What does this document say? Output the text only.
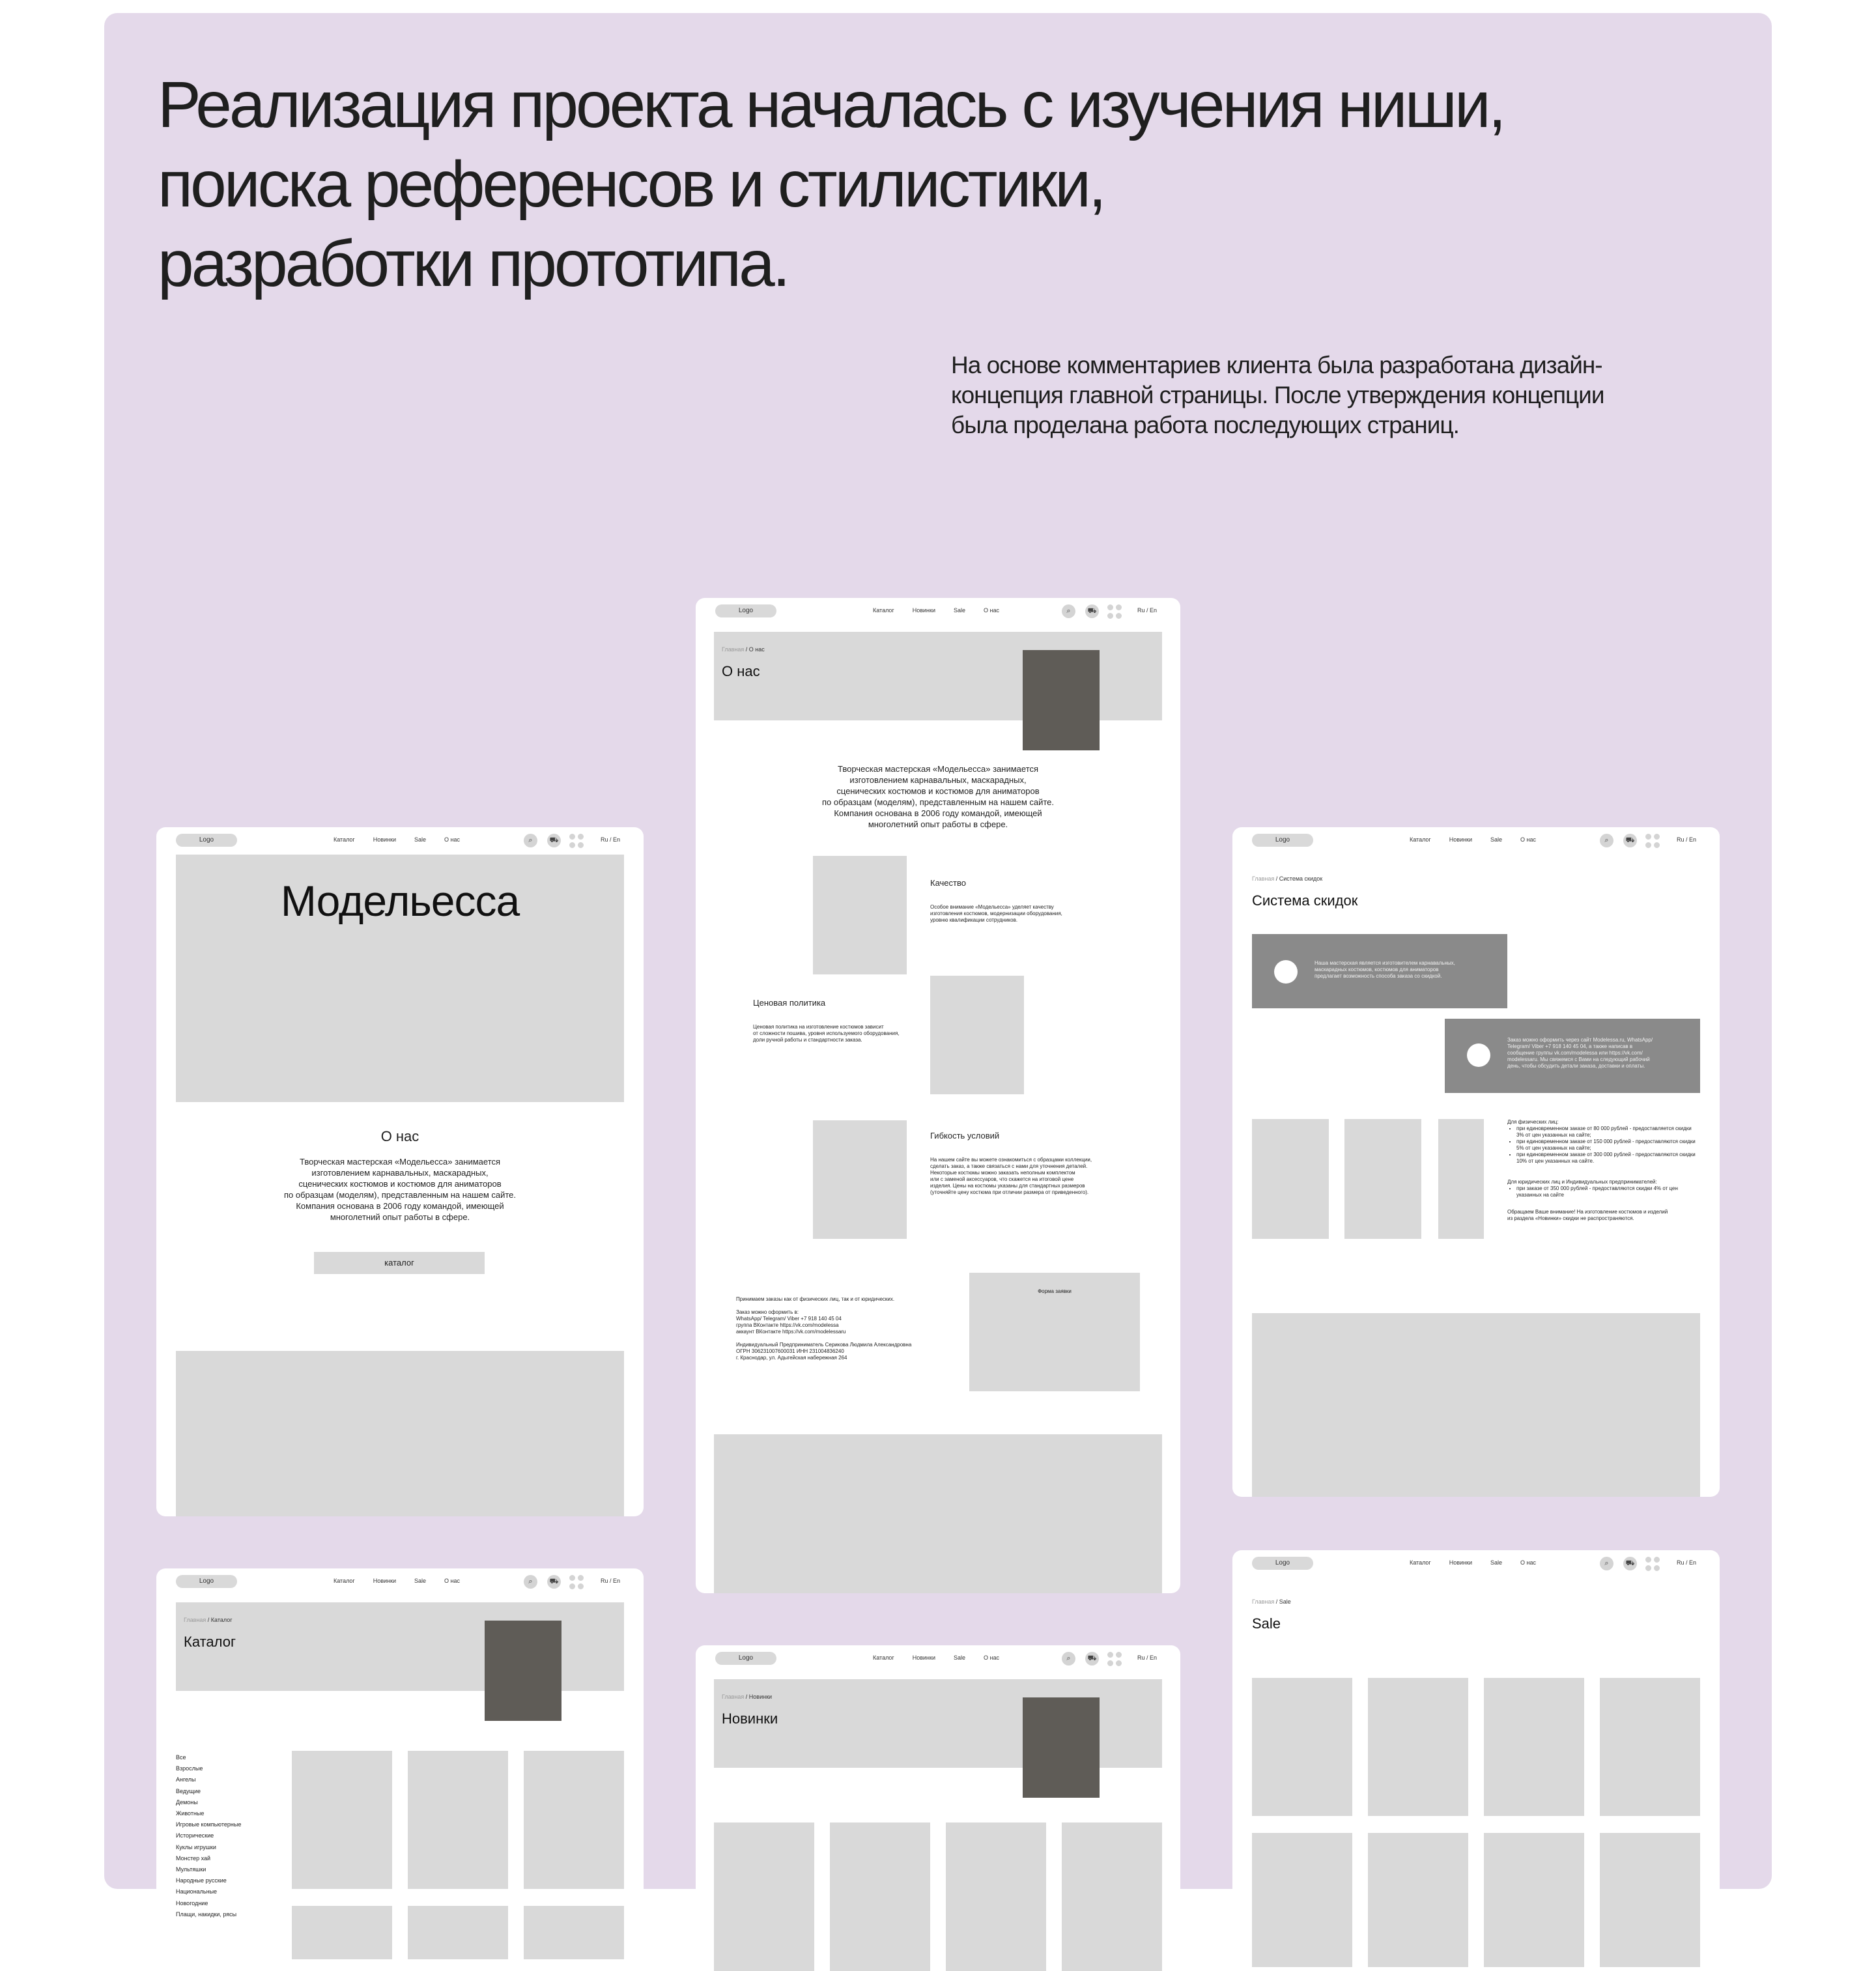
Реализация проекта началась с изучения ниши,
поиска референсов и стилистики,
разработки прототипа.
На основе комментариев клиента была разработана дизайн-
концепция главной страницы. После утверждения концепции
была проделана работа последующих страниц.
Logo	Каталог	Новинки	Sale	О нас	⌕	⛟	Ru / En
Модельесса
О нас
Творческая мастерская «Модельесса» занимается
изготовлением карнавальных, маскарадных,
сценических костюмов и костюмов для аниматоров
по образцам (моделям), представленным на нашем сайте.
Компания основана в 2006 году командой, имеющей
многолетний опыт работы в сфере.
каталог
Logo	Каталог	Новинки	Sale	О нас	⌕	⛟	Ru / En
Главная / О нас
О нас
Творческая мастерская «Модельесса» занимается
изготовлением карнавальных, маскарадных,
сценических костюмов и костюмов для аниматоров
по образцам (моделям), представленным на нашем сайте.
Компания основана в 2006 году командой, имеющей
многолетний опыт работы в сфере.
Качество
Особое внимание «Модельесса» уделяет качеству
изготовления костюмов, модернизации оборудования,
уровню квалификации сотрудников.
Ценовая политика
Ценовая политика на изготовление костюмов зависит
от сложности пошива, уровня используемого оборудования,
доли ручной работы и стандартности заказа.
Гибкость условий
На нашем сайте вы можете ознакомиться с образцами коллекции,
сделать заказ, а также связаться с нами для уточнения деталей.
Некоторые костюмы можно заказать неполным комплектом
или с заменой аксессуаров, что скажется на итоговой цене
изделия. Цены на костюмы указаны для стандартных размеров
(уточняйте цену костюма при отличии размера от приведенного).
Принимаем заказы как от физических лиц, так и от юридических.
Заказ можно оформить в:
WhatsApp/ Telegram/ Viber +7 918 140 45 04
группа ВКонтакте https://vk.com/modelessa
аккаунт ВКонтакте https://vk.com/modelessaru
Индивидуальный Предприниматель Серикова Людмила Александровна
ОГРН 306231007600031 ИНН 231004836240
г. Краснодар, ул. Адыгейская набережная 264
Форма заявки
Logo	Каталог	Новинки	Sale	О нас	⌕	⛟	Ru / En
Главная / Система скидок
Система скидок
Наша мастерская является изготовителем карнавальных,
маскарадных костюмов, костюмов для аниматоров
предлагает возможность способа заказа со скидкой.
Заказ можно оформить через сайт Modelessa.ru, WhatsApp/
Telegram/ Viber +7 918 140 45 04, а также написав в
сообщение группы vk.com/modelessa или https://vk.com/
modelessaru. Мы свяжемся с Вами на следующий рабочий
день, чтобы обсудить детали заказа, доставки и оплаты.
Для физических лиц:
• при единовременном заказе от 80 000 рублей - предоставляется скидки 3% от цен указанных на сайте;
• при единовременном заказе от 150 000 рублей - предоставляются скидки 5% от цен указанных на сайте;
• при единовременном заказе от 300 000 рублей - предоставляются скидки 10% от цен указанных на сайте.
Для юридических лиц и Индивидуальных предпринимателей:
• при заказе от 350 000 рублей - предоставляются скидки 4% от цен указанных на сайте
Обращаем Ваше внимание! На изготовление костюмов и изделий
из раздела «Новинки» скидки не распространяются.
Logo	Каталог	Новинки	Sale	О нас	⌕	⛟	Ru / En
Главная / Каталог
Каталог
Все
Взрослые
Ангелы
Ведущие
Демоны
Животные
Игровые компьютерные
Исторические
Куклы игрушки
Монстер хай
Мультяшки
Народные русские
Национальные
Новогодние
Плащи, накидки, рясы
Logo	Каталог	Новинки	Sale	О нас	⌕	⛟	Ru / En
Главная / Новинки
Новинки
Logo	Каталог	Новинки	Sale	О нас	⌕	⛟	Ru / En
Главная / Sale
Sale
